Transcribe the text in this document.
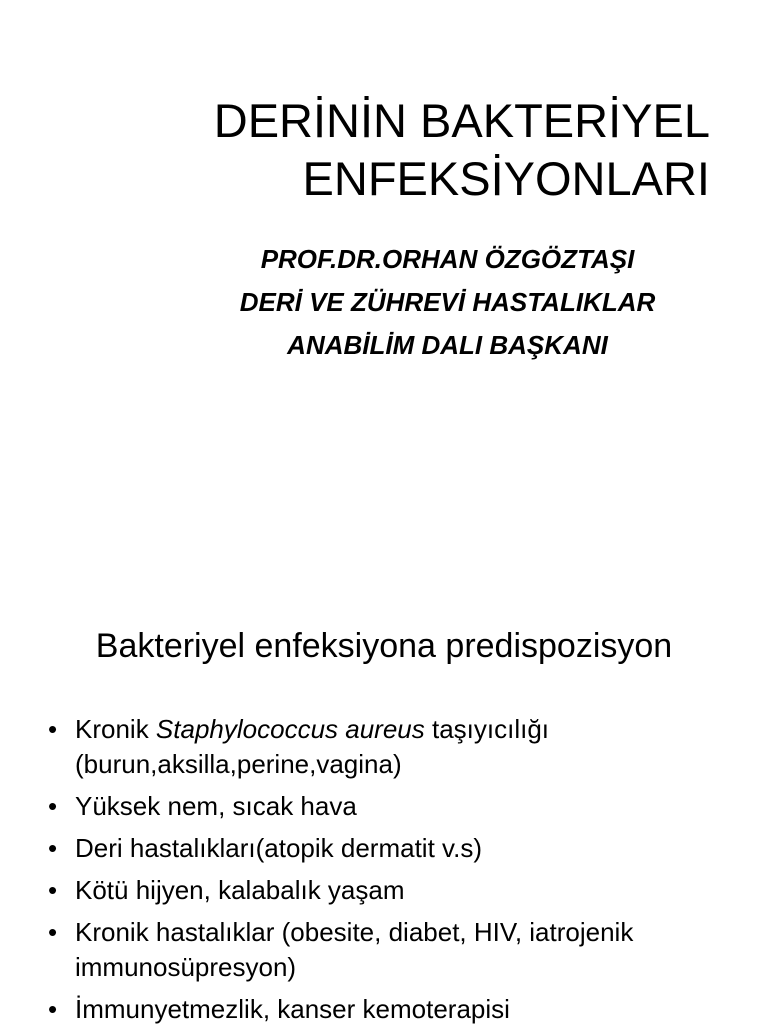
DERİNİN BAKTERİYEL
ENFEKSİYONLARI
PROF.DR.ORHAN ÖZGÖZTAŞI
DERİ VE ZÜHREVİ HASTALIKLAR
ANABİLİM DALI BAŞKANI
Bakteriyel enfeksiyona predispozisyon
• Kronik Staphylococcus aureus taşıyıcılığı
(burun,aksilla,perine,vagina)
• Yüksek nem, sıcak hava
• Deri hastalıkları(atopik dermatit v.s)
• Kötü hijyen, kalabalık yaşam
• Kronik hastalıklar (obesite, diabet, HIV, iatrojenik
immunosüpresyon)
• İmmunyetmezlik, kanser kemoterapisi
